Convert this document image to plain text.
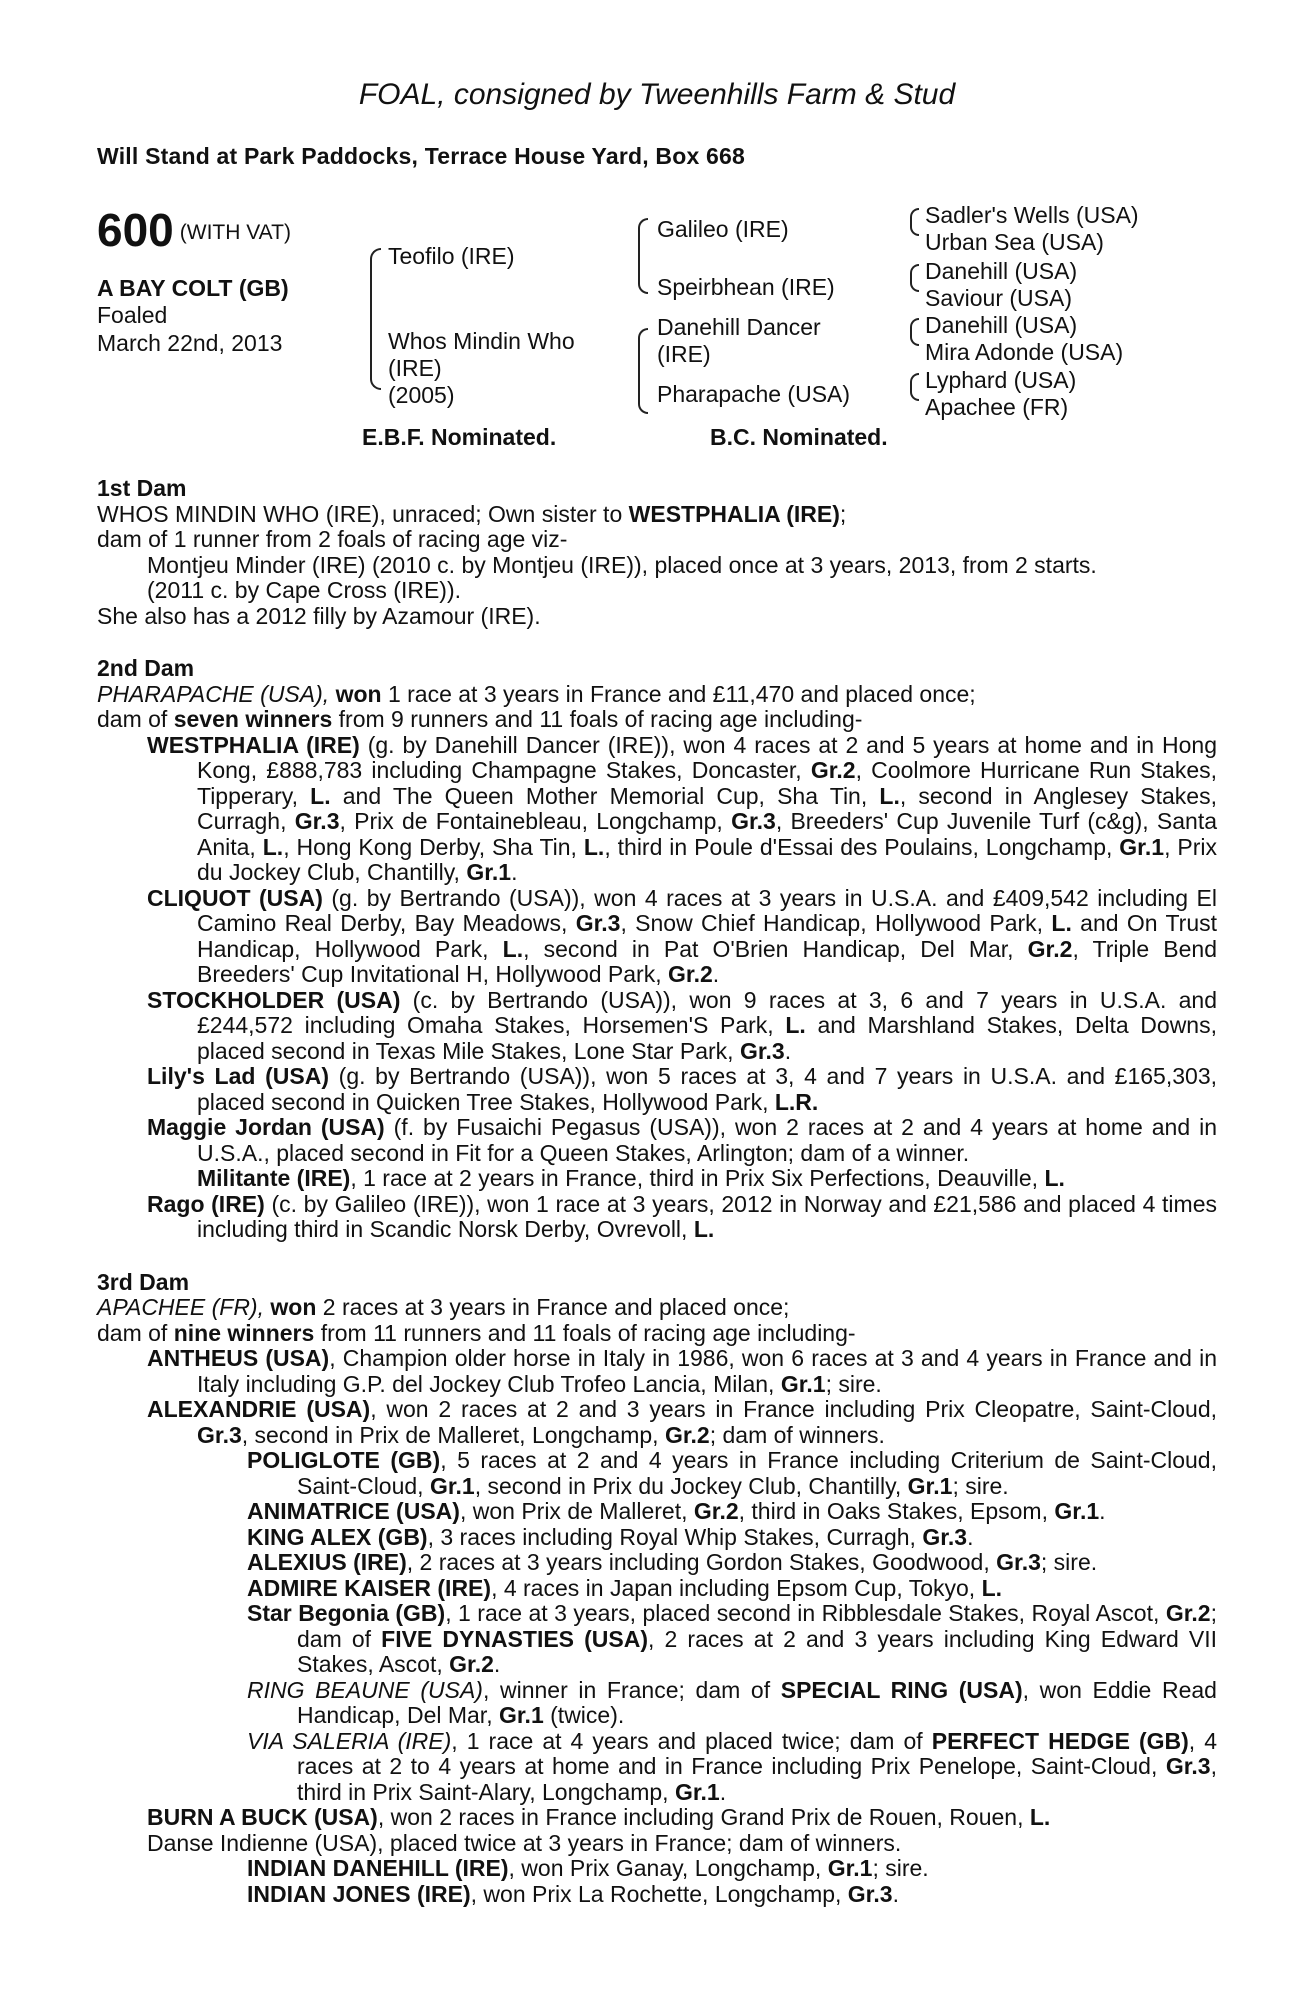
FOAL, consigned by Tweenhills Farm & Stud
Will Stand at Park Paddocks, Terrace House Yard, Box 668
600 (WITH VAT)
A BAY COLT (GB)
Foaled
March 22nd, 2013
Teofilo (IRE)
Whos Mindin Who
(IRE)
(2005)
Galileo (IRE)
Speirbhean (IRE)
Danehill Dancer
(IRE)
Pharapache (USA)
Sadler's Wells (USA)
Urban Sea (USA)
Danehill (USA)
Saviour (USA)
Danehill (USA)
Mira Adonde (USA)
Lyphard (USA)
Apachee (FR)
E.B.F. Nominated.	B.C. Nominated.
1st Dam

WHOS MINDIN WHO (IRE), unraced; Own sister to WESTPHALIA (IRE);

dam of 1 runner from 2 foals of racing age viz-

Montjeu Minder (IRE) (2010 c. by Montjeu (IRE)), placed once at 3 years, 2013, from 2 starts.

(2011 c. by Cape Cross (IRE)).

She also has a 2012 filly by Azamour (IRE).

2nd Dam

PHARAPACHE (USA), won 1 race at 3 years in France and £11,470 and placed once;

dam of seven winners from 9 runners and 11 foals of racing age including-

WESTPHALIA (IRE) (g. by Danehill Dancer (IRE)), won 4 races at 2 and 5 years at home and in Hong Kong, £888,783 including Champagne Stakes, Doncaster, Gr.2, Coolmore Hurricane Run Stakes, Tipperary, L. and The Queen Mother Memorial Cup, Sha Tin, L., second in Anglesey Stakes, Curragh, Gr.3, Prix de Fontainebleau, Longchamp, Gr.3, Breeders' Cup Juvenile Turf (c&g), Santa Anita, L., Hong Kong Derby, Sha Tin, L., third in Poule d'Essai des Poulains, Longchamp, Gr.1, Prix du Jockey Club, Chantilly, Gr.1.

CLIQUOT (USA) (g. by Bertrando (USA)), won 4 races at 3 years in U.S.A. and £409,542 including El Camino Real Derby, Bay Meadows, Gr.3, Snow Chief Handicap, Hollywood Park, L. and On Trust Handicap, Hollywood Park, L., second in Pat O'Brien Handicap, Del Mar, Gr.2, Triple Bend Breeders' Cup Invitational H, Hollywood Park, Gr.2.

STOCKHOLDER (USA) (c. by Bertrando (USA)), won 9 races at 3, 6 and 7 years in U.S.A. and £244,572 including Omaha Stakes, Horsemen'S Park, L. and Marshland Stakes, Delta Downs, placed second in Texas Mile Stakes, Lone Star Park, Gr.3.

Lily's Lad (USA) (g. by Bertrando (USA)), won 5 races at 3, 4 and 7 years in U.S.A. and £165,303, placed second in Quicken Tree Stakes, Hollywood Park, L.R.

Maggie Jordan (USA) (f. by Fusaichi Pegasus (USA)), won 2 races at 2 and 4 years at home and in U.S.A., placed second in Fit for a Queen Stakes, Arlington; dam of a winner.

Militante (IRE), 1 race at 2 years in France, third in Prix Six Perfections, Deauville, L.

Rago (IRE) (c. by Galileo (IRE)), won 1 race at 3 years, 2012 in Norway and £21,586 and placed 4 times including third in Scandic Norsk Derby, Ovrevoll, L.

3rd Dam

APACHEE (FR), won 2 races at 3 years in France and placed once;

dam of nine winners from 11 runners and 11 foals of racing age including-

ANTHEUS (USA), Champion older horse in Italy in 1986, won 6 races at 3 and 4 years in France and in Italy including G.P. del Jockey Club Trofeo Lancia, Milan, Gr.1; sire.

ALEXANDRIE (USA), won 2 races at 2 and 3 years in France including Prix Cleopatre, Saint-Cloud, Gr.3, second in Prix de Malleret, Longchamp, Gr.2; dam of winners.

POLIGLOTE (GB), 5 races at 2 and 4 years in France including Criterium de Saint-Cloud, Saint-Cloud, Gr.1, second in Prix du Jockey Club, Chantilly, Gr.1; sire.

ANIMATRICE (USA), won Prix de Malleret, Gr.2, third in Oaks Stakes, Epsom, Gr.1.

KING ALEX (GB), 3 races including Royal Whip Stakes, Curragh, Gr.3.

ALEXIUS (IRE), 2 races at 3 years including Gordon Stakes, Goodwood, Gr.3; sire.

ADMIRE KAISER (IRE), 4 races in Japan including Epsom Cup, Tokyo, L.

Star Begonia (GB), 1 race at 3 years, placed second in Ribblesdale Stakes, Royal Ascot, Gr.2; dam of FIVE DYNASTIES (USA), 2 races at 2 and 3 years including King Edward VII Stakes, Ascot, Gr.2.

RING BEAUNE (USA), winner in France; dam of SPECIAL RING (USA), won Eddie Read Handicap, Del Mar, Gr.1 (twice).

VIA SALERIA (IRE), 1 race at 4 years and placed twice; dam of PERFECT HEDGE (GB), 4 races at 2 to 4 years at home and in France including Prix Penelope, Saint-Cloud, Gr.3, third in Prix Saint-Alary, Longchamp, Gr.1.

BURN A BUCK (USA), won 2 races in France including Grand Prix de Rouen, Rouen, L.

Danse Indienne (USA), placed twice at 3 years in France; dam of winners.

INDIAN DANEHILL (IRE), won Prix Ganay, Longchamp, Gr.1; sire.

INDIAN JONES (IRE), won Prix La Rochette, Longchamp, Gr.3.
